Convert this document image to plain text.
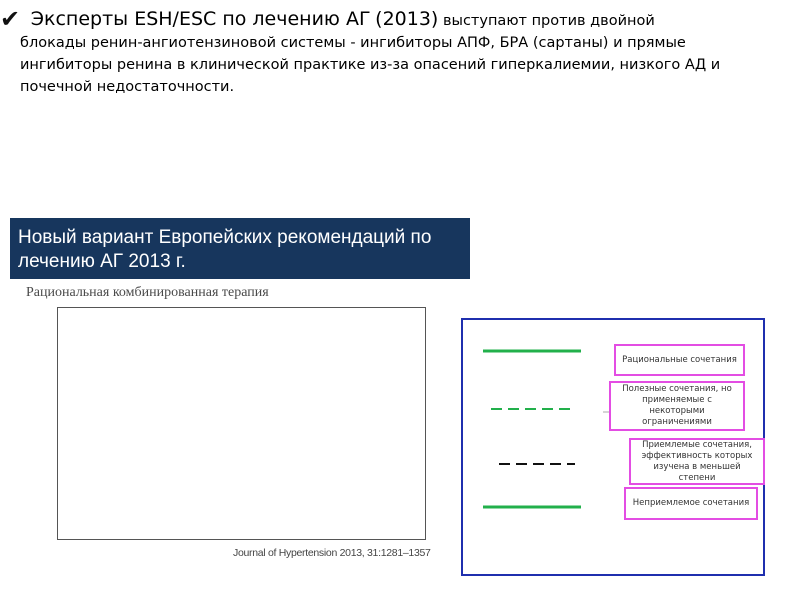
✔ Эксперты ESH/ESC по лечению АГ (2013) выступают против двойной

блокады ренин-ангиотензиновой системы - ингибиторы АПФ, БРА (сартаны) и прямые

ингибиторы ренина в клинической практике из-за опасений гиперкалиемии, низкого АД и

почечной недостаточности.

Новый вариант Европейских рекомендаций по
лечению АГ 2013 г.

Рациональная комбинированная терапия
Journal of Hypertension 2013, 31:1281–1357
Рациональные сочетания
Полезные сочетания, но применяемые с некоторыми ограничениями
Приемлемые сочетания, эффективность которых изучена в меньшей степени
Неприемлемое сочетания
